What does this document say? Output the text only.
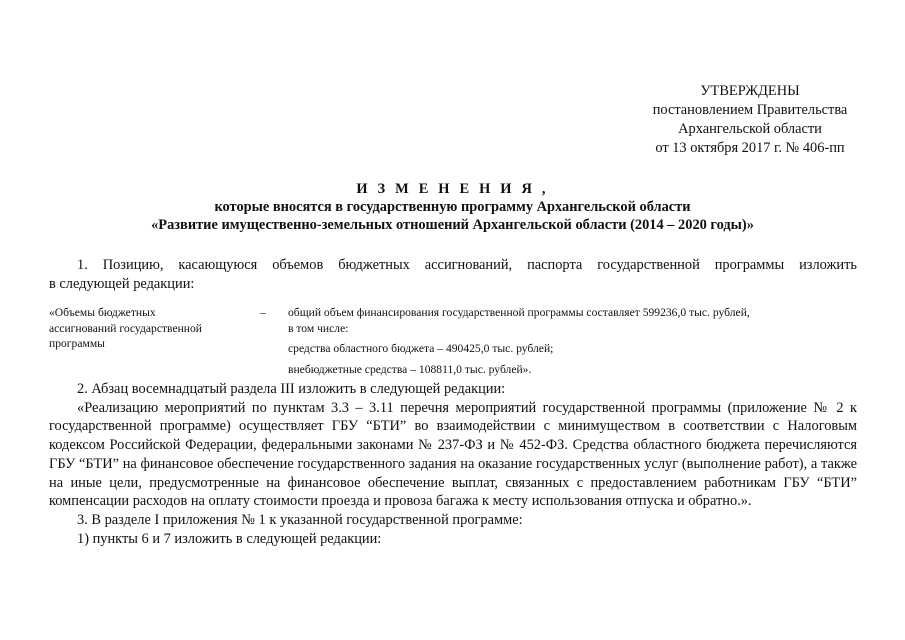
УТВЕРЖДЕНЫ
постановлением Правительства
Архангельской области
от 13 октября 2017 г. № 406-пп
И З М Е Н Е Н И Я ,
которые вносятся в государственную программу Архангельской области
«Развитие имущественно-земельных отношений Архангельской области (2014 – 2020 годы)»

1. Позицию, касающуюся объемов бюджетных ассигнований, паспорта государственной программы изложить

в следующей редакции:

«Объемы бюджетных
ассигнований государственной
программы
–	общий объем финансирования государственной программы составляет 599236,0 тыс. рублей,
в том числе:
средства областного бюджета – 490425,0 тыс. рублей;
внебюджетные средства – 108811,0 тыс. рублей».

2. Абзац восемнадцатый раздела III изложить в следующей редакции:

«Реализацию мероприятий по пунктам 3.3 – 3.11 перечня мероприятий государственной программы (приложение № 2 к государственной программе) осуществляет ГБУ “БТИ” во взаимодействии с минимуществом в соответствии с Налоговым кодексом Российской Федерации, федеральными законами № 237-ФЗ и № 452-ФЗ. Средства областного бюджета перечисляются ГБУ “БТИ” на финансовое обеспечение государственного задания на оказание государственных услуг (выполнение работ), а также на иные цели, предусмотренные на финансовое обеспечение выплат, связанных с предоставлением работникам ГБУ “БТИ” компенсации расходов на оплату стоимости проезда и провоза багажа к месту использования отпуска и обратно.».

3. В разделе I приложения № 1 к указанной государственной программе:

1) пункты 6 и 7 изложить в следующей редакции:
